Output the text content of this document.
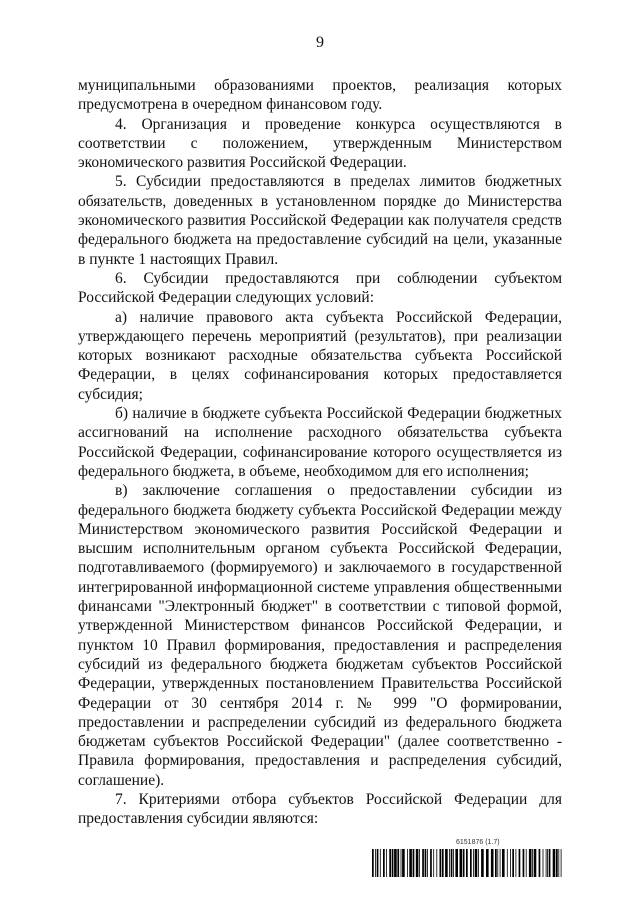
9

муниципальными образованиями проектов, реализация которых предусмотрена в очередном финансовом году.

4. Организация и проведение конкурса осуществляются в соответствии с положением, утвержденным Министерством экономического развития Российской Федерации.

5. Субсидии предоставляются в пределах лимитов бюджетных обязательств, доведенных в установленном порядке до Министерства экономического развития Российской Федерации как получателя средств федерального бюджета на предоставление субсидий на цели, указанные в пункте 1 настоящих Правил.

6. Субсидии предоставляются при соблюдении субъектом Российской Федерации следующих условий:

а) наличие правового акта субъекта Российской Федерации, утверждающего перечень мероприятий (результатов), при реализации которых возникают расходные обязательства субъекта Российской Федерации, в целях софинансирования которых предоставляется субсидия;

б) наличие в бюджете субъекта Российской Федерации бюджетных ассигнований на исполнение расходного обязательства субъекта Российской Федерации, софинансирование которого осуществляется из федерального бюджета, в объеме, необходимом для его исполнения;

в) заключение соглашения о предоставлении субсидии из федерального бюджета бюджету субъекта Российской Федерации между Министерством экономического развития Российской Федерации и высшим исполнительным органом субъекта Российской Федерации, подготавливаемого (формируемого) и заключаемого в государственной интегрированной информационной системе управления общественными финансами "Электронный бюджет" в соответствии с типовой формой, утвержденной Министерством финансов Российской Федерации, и пунктом 10 Правил формирования, предоставления и распределения субсидий из федерального бюджета бюджетам субъектов Российской Федерации, утвержденных постановлением Правительства Российской Федерации от 30 сентября 2014 г. № 999 "О формировании, предоставлении и распределении субсидий из федерального бюджета бюджетам субъектов Российской Федерации" (далее соответственно - Правила формирования, предоставления и распределения субсидий, соглашение).

7. Критериями отбора субъектов Российской Федерации для предоставления субсидии являются:

6151876 (1.7)
